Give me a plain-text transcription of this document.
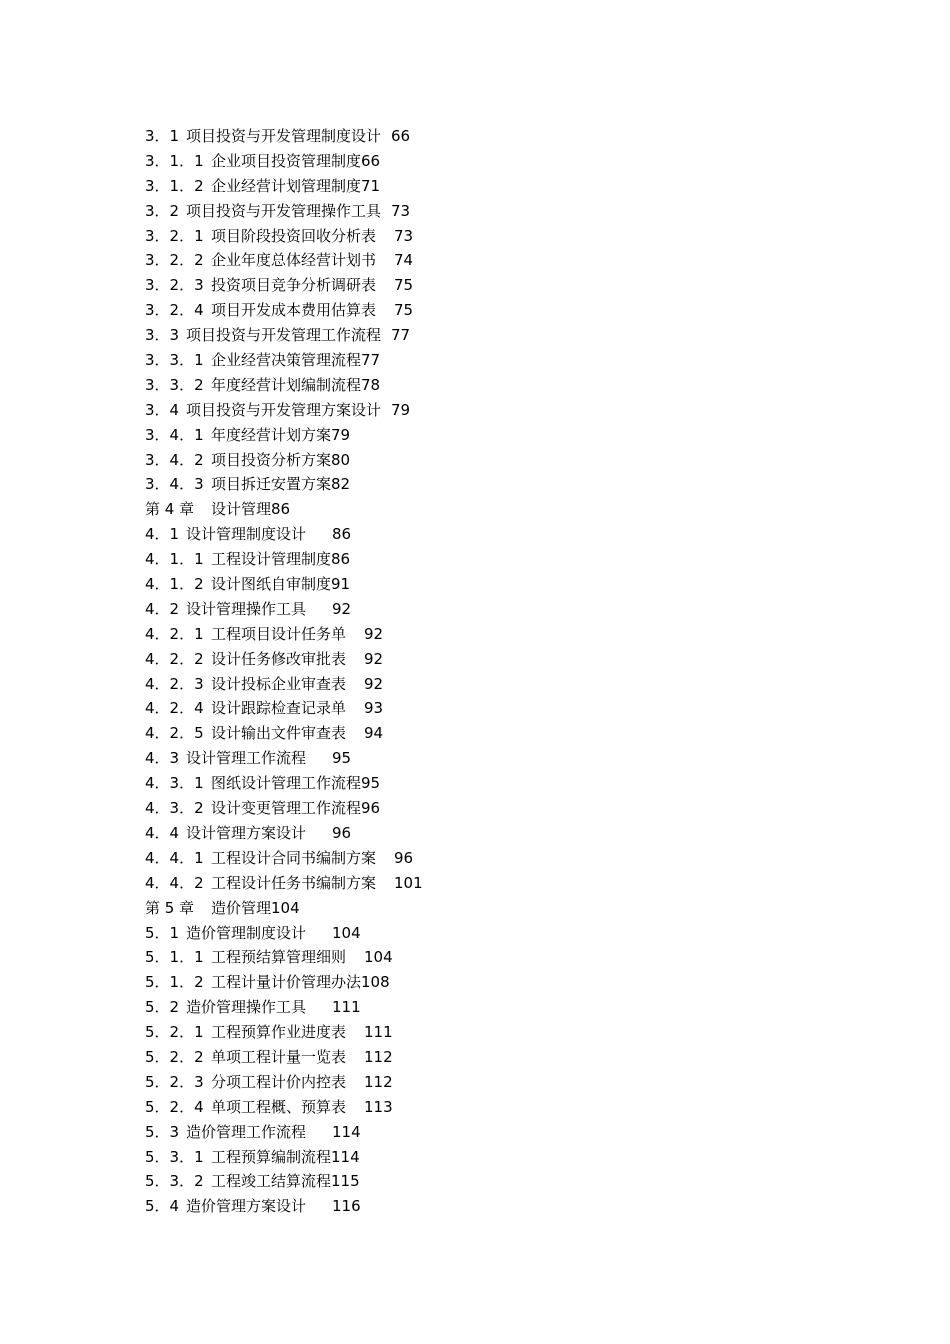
3．1 项目投资与开发管理制度设计 66
3．1．1 企业项目投资管理制度 66
3．1．2 企业经营计划管理制度 71
3．2 项目投资与开发管理操作工具 73
3．2．1 项目阶段投资回收分析表 73
3．2．2 企业年度总体经营计划书 74
3．2．3 投资项目竞争分析调研表 75
3．2．4 项目开发成本费用估算表 75
3．3 项目投资与开发管理工作流程 77
3．3．1 企业经营决策管理流程 77
3．3．2 年度经营计划编制流程 78
3．4 项目投资与开发管理方案设计 79
3．4．1 年度经营计划方案 79
3．4．2 项目投资分析方案 80
3．4．3 项目拆迁安置方案 82
第 4 章	设计管理 86
4．1 设计管理制度设计 86
4．1．1 工程设计管理制度 86
4．1．2 设计图纸自审制度 91
4．2 设计管理操作工具 92
4．2．1 工程项目设计任务单 92
4．2．2 设计任务修改审批表 92
4．2．3 设计投标企业审查表 92
4．2．4 设计跟踪检查记录单 93
4．2．5 设计输出文件审查表 94
4．3 设计管理工作流程 95
4．3．1 图纸设计管理工作流程 95
4．3．2 设计变更管理工作流程 96
4．4 设计管理方案设计 96
4．4．1 工程设计合同书编制方案 96
4．4．2 工程设计任务书编制方案 101
第 5 章	造价管理 104
5．1 造价管理制度设计 104
5．1．1 工程预结算管理细则 104
5．1．2 工程计量计价管理办法 108
5．2 造价管理操作工具 111
5．2．1 工程预算作业进度表 111
5．2．2 单项工程计量一览表 112
5．2．3 分项工程计价内控表 112
5．2．4 单项工程概、预算表 113
5．3 造价管理工作流程 114
5．3．1 工程预算编制流程 114
5．3．2 工程竣工结算流程 115
5．4 造价管理方案设计 116
